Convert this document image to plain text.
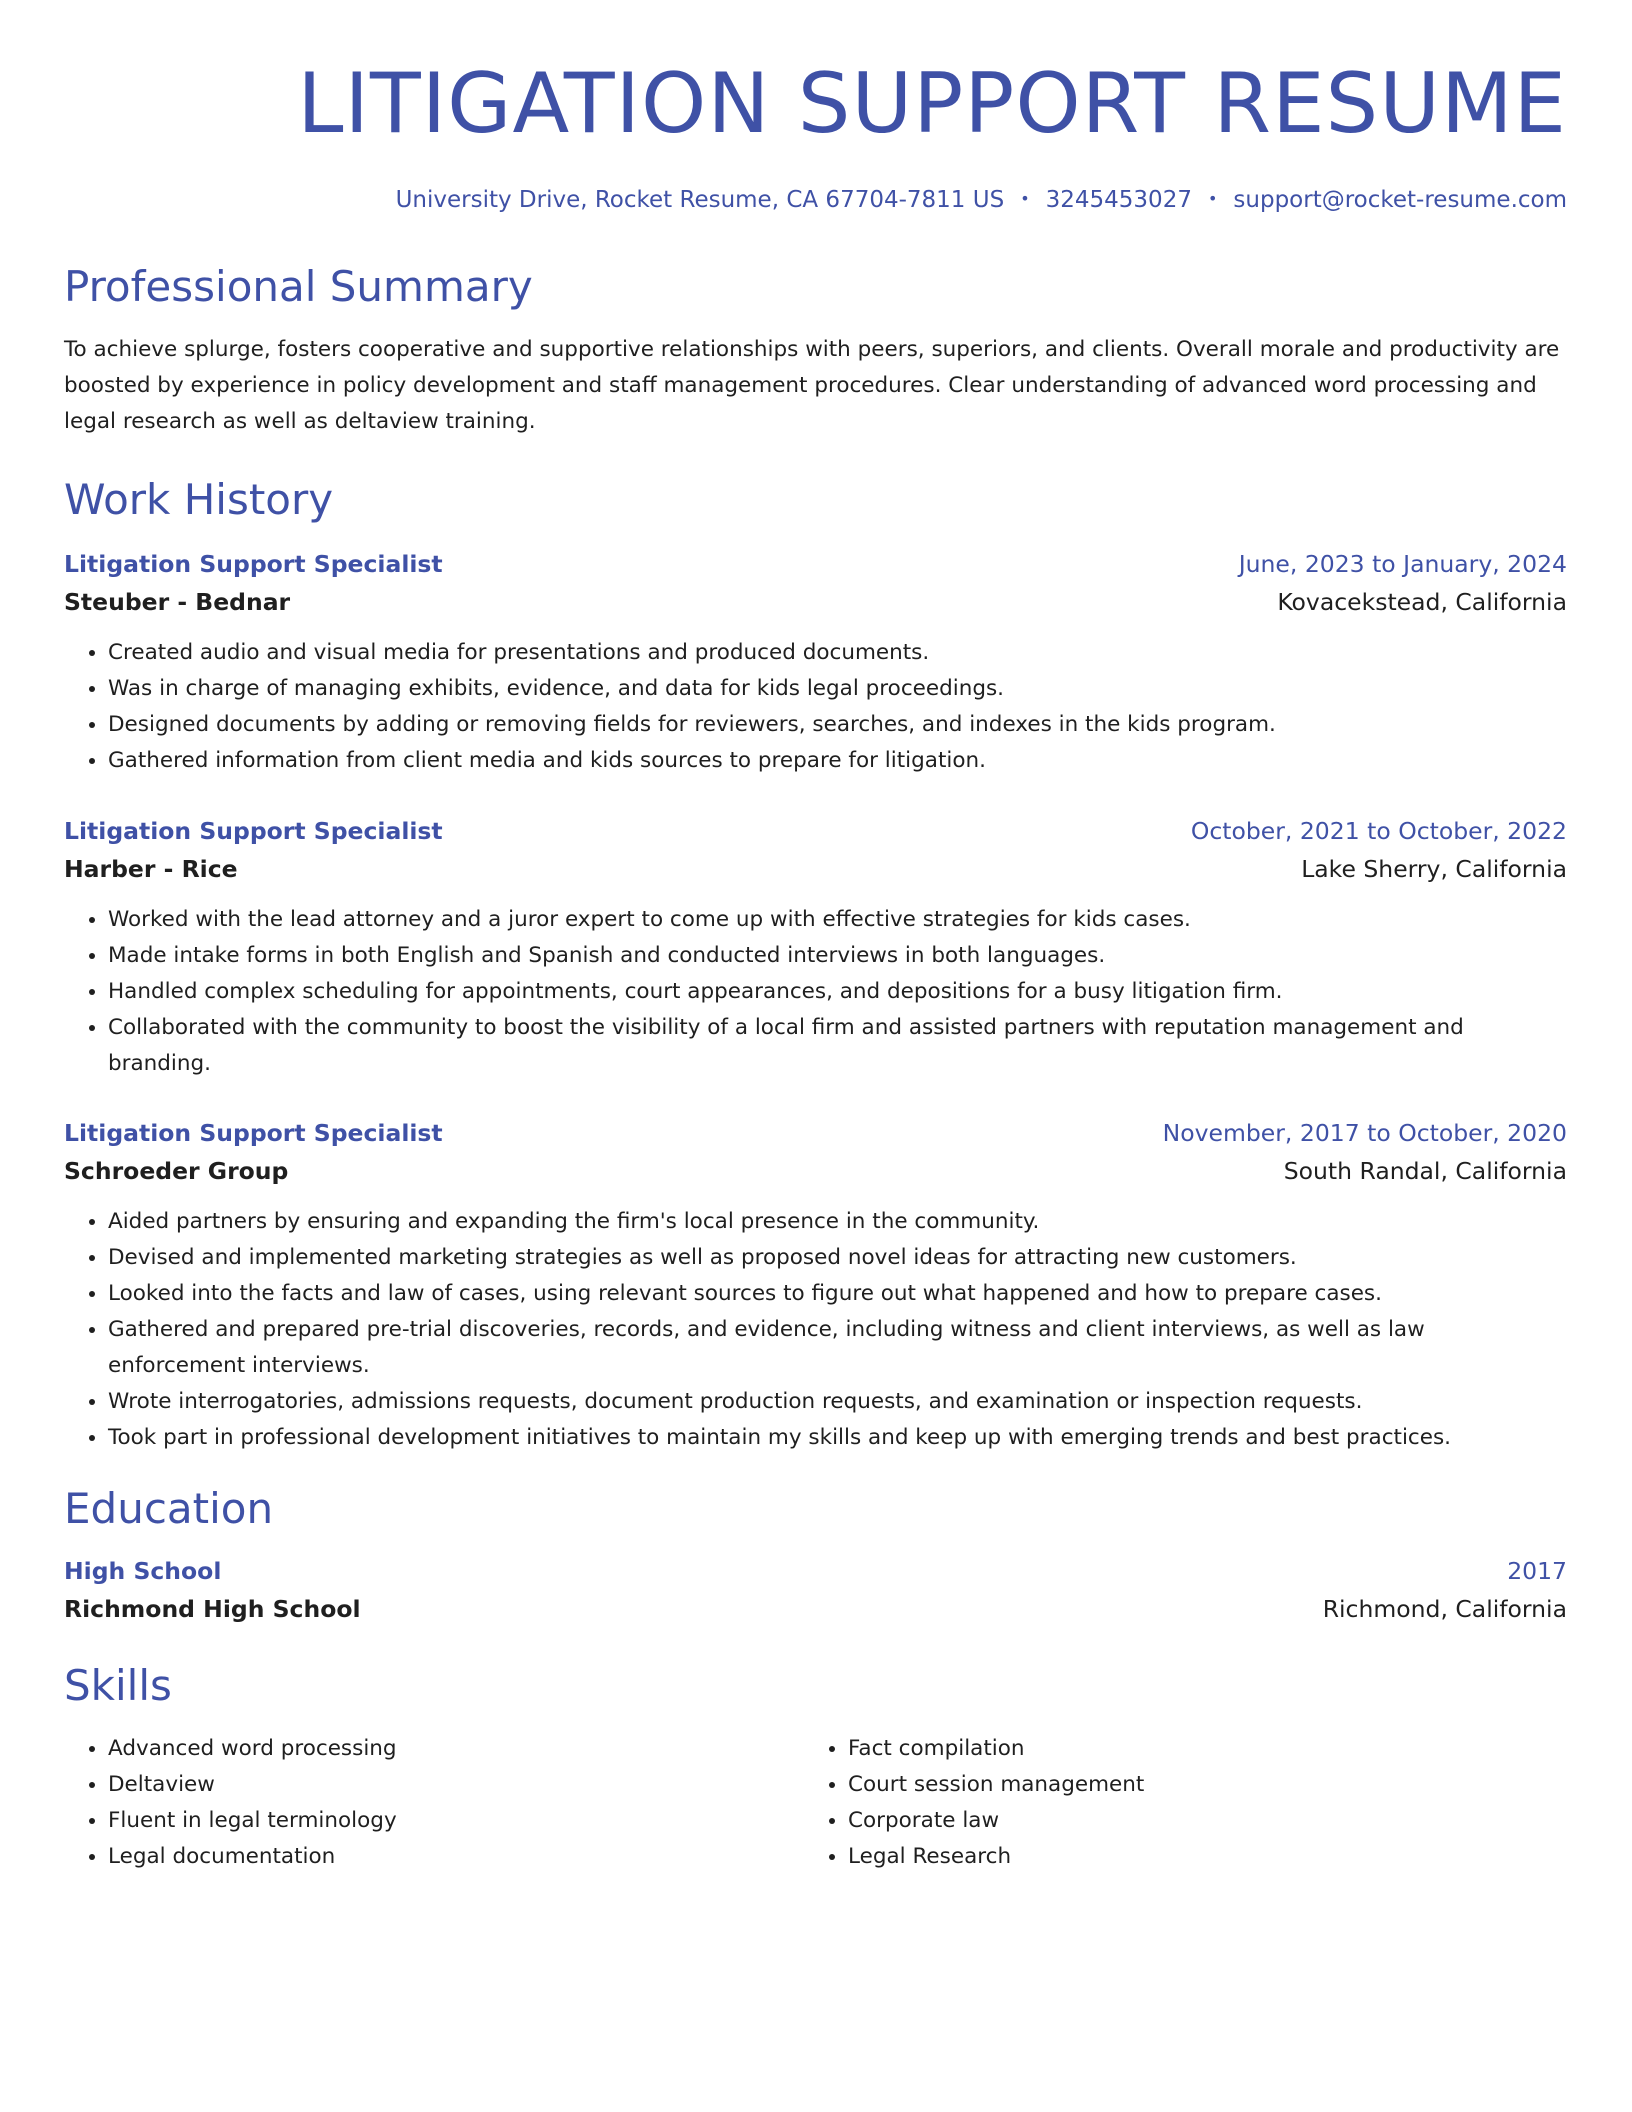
LITIGATION SUPPORT RESUME
University Drive, Rocket Resume, CA 67704-7811 US • 3245453027 • support@rocket-resume.com
Professional Summary
To achieve splurge, fosters cooperative and supportive relationships with peers, superiors, and clients. Overall morale and productivity are boosted by experience in policy development and staff management procedures. Clear understanding of advanced word processing and legal research as well as deltaview training.
Work History
Litigation Support Specialist	June, 2023 to January, 2024
Steuber - Bednar	Kovacekstead, California
• Created audio and visual media for presentations and produced documents.
• Was in charge of managing exhibits, evidence, and data for kids legal proceedings.
• Designed documents by adding or removing fields for reviewers, searches, and indexes in the kids program.
• Gathered information from client media and kids sources to prepare for litigation.
Litigation Support Specialist	October, 2021 to October, 2022
Harber - Rice	Lake Sherry, California
• Worked with the lead attorney and a juror expert to come up with effective strategies for kids cases.
• Made intake forms in both English and Spanish and conducted interviews in both languages.
• Handled complex scheduling for appointments, court appearances, and depositions for a busy litigation firm.
• Collaborated with the community to boost the visibility of a local firm and assisted partners with reputation management and branding.
Litigation Support Specialist	November, 2017 to October, 2020
Schroeder Group	South Randal, California
• Aided partners by ensuring and expanding the firm's local presence in the community.
• Devised and implemented marketing strategies as well as proposed novel ideas for attracting new customers.
• Looked into the facts and law of cases, using relevant sources to figure out what happened and how to prepare cases.
• Gathered and prepared pre-trial discoveries, records, and evidence, including witness and client interviews, as well as law enforcement interviews.
• Wrote interrogatories, admissions requests, document production requests, and examination or inspection requests.
• Took part in professional development initiatives to maintain my skills and keep up with emerging trends and best practices.
Education
High School	2017
Richmond High School	Richmond, California
Skills
• Advanced word processing
• Deltaview
• Fluent in legal terminology
• Legal documentation
• Fact compilation
• Court session management
• Corporate law
• Legal Research
